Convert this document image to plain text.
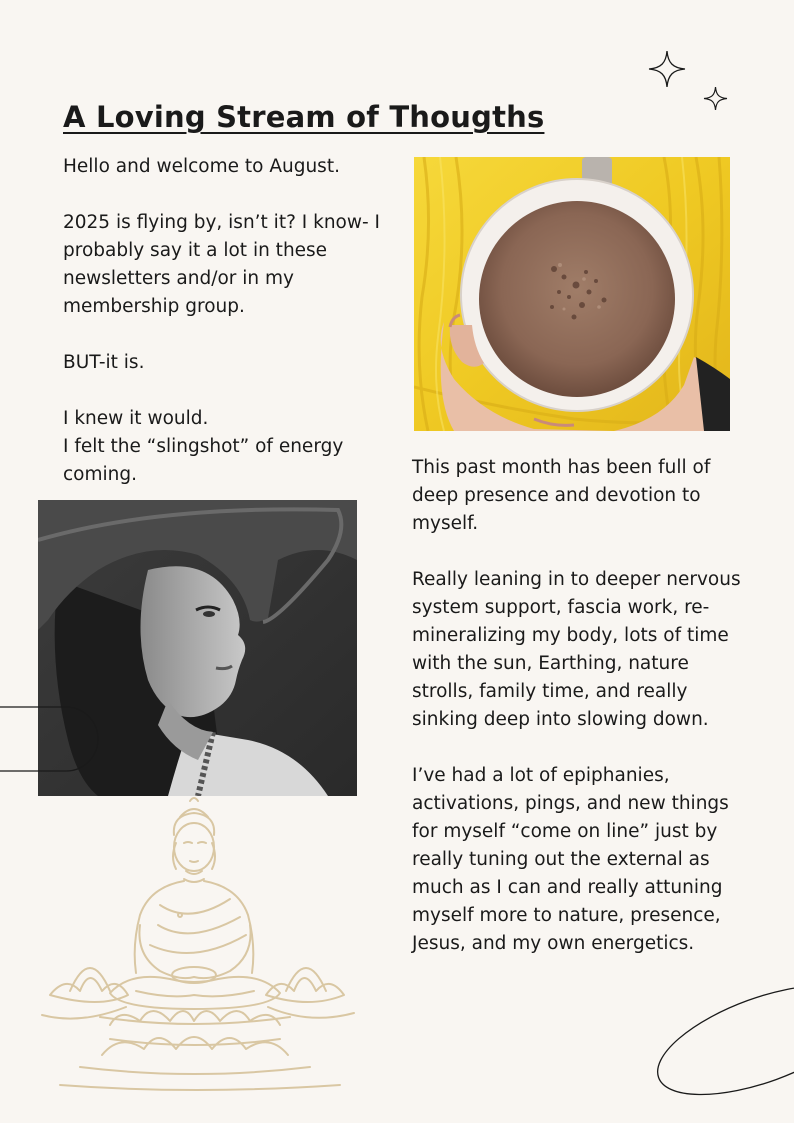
A Loving Stream of Thougths

Hello and welcome to August.

2025 is flying by, isn’t it? I know- I probably say it a lot in these newsletters and/or in my membership group.

BUT-it is.

I knew it would.
I felt the “slingshot” of energy coming.	This past month has been full of deep presence and devotion to myself.

Really leaning in to deeper nervous system support, fascia work, re-mineralizing my body, lots of time with the sun, Earthing, nature strolls, family time, and really sinking deep into slowing down.

I’ve had a lot of epiphanies, activations, pings, and new things for myself “come on line” just by really tuning out the external as much as I can and really attuning myself more to nature, presence, Jesus, and my own energetics.
